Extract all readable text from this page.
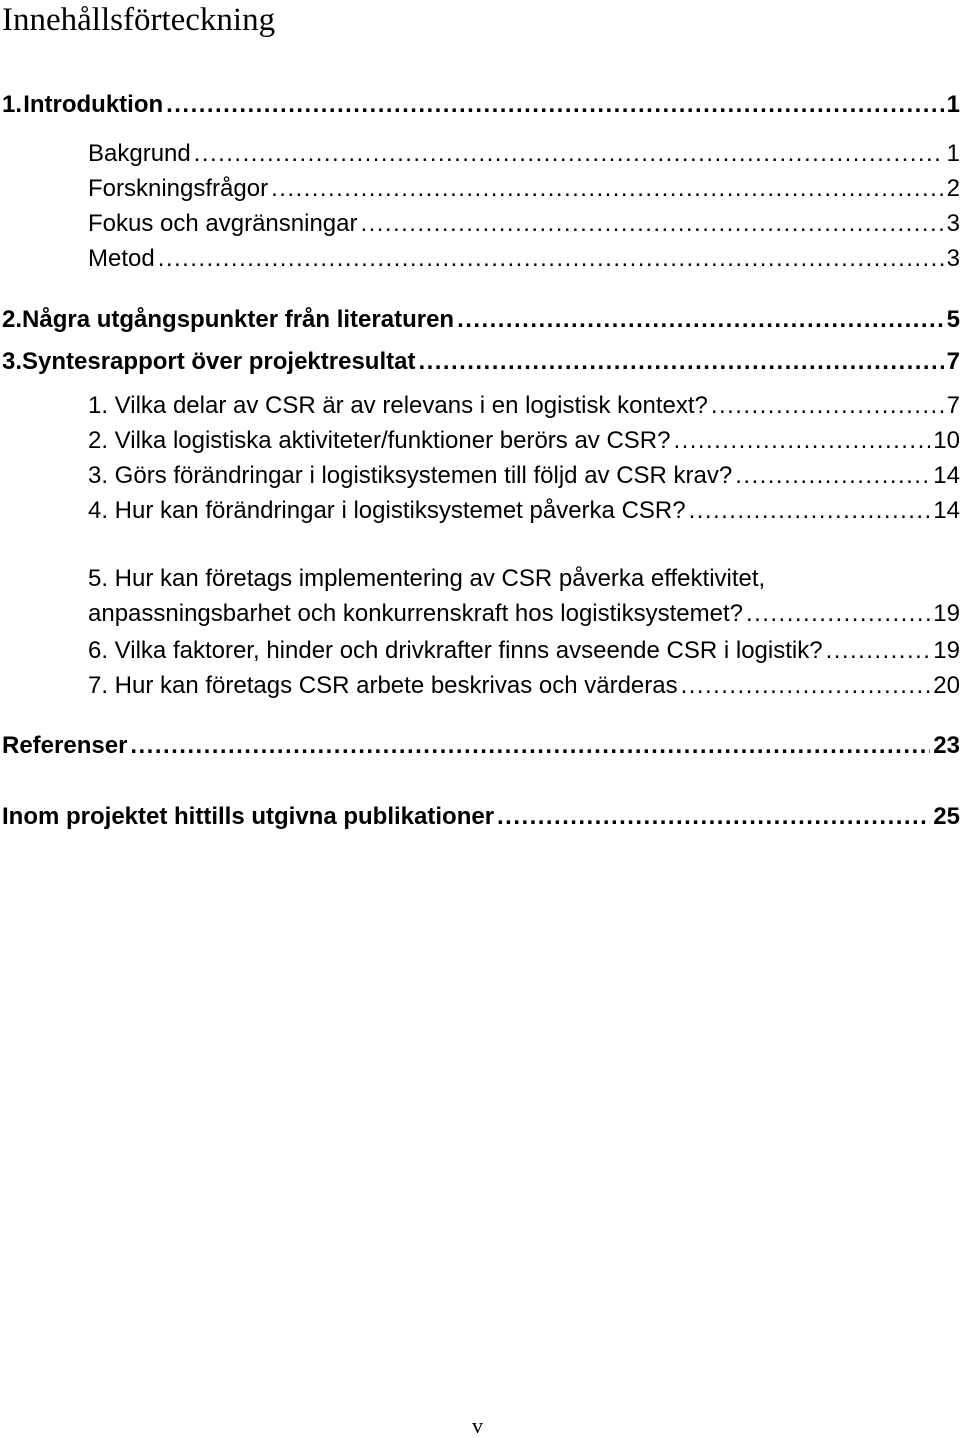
Innehållsförteckning
1. Introduktion . . .	1
Bakgrund . . .	1
Forskningsfrågor . . .	2
Fokus och avgränsningar . . .	3
Metod . . .	3
2. Några utgångspunkter från literaturen . . .	5
3. Syntesrapport över projektresultat . . .	7
1. Vilka delar av CSR är av relevans i en logistisk kontext? . . .	7
2. Vilka logistiska aktiviteter/funktioner berörs av CSR? . . .	10
3. Görs förändringar i logistiksystemen till följd av CSR krav? . . .	14
4. Hur kan förändringar i logistiksystemet påverka CSR? . . .	14
5. Hur kan företags implementering av CSR påverka effektivitet,
anpassningsbarhet och konkurrenskraft hos logistiksystemet? . . .	19
6. Vilka faktorer, hinder och drivkrafter finns avseende CSR i logistik? . . .	19
7. Hur kan företags CSR arbete beskrivas och värderas . . .	20
Referenser . . .	23
Inom projektet hittills utgivna publikationer . . .	25
v
